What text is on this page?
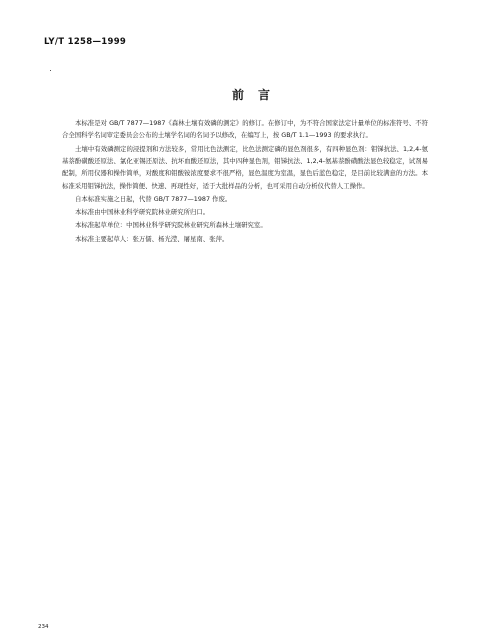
LY/T 1258—1999
前言

本标准是对 GB/T 7877—1987《森林土壤有效磷的测定》的修订。在修订中，为不符合国家法定计量单位的标准符号、不符合全国科学名词审定委员会公布的土壤学名词的名词予以修改，在编写上，按 GB/T 1.1—1993 的要求执行。

土壤中有效磷测定的浸提剂和方法较多，常用比色法测定，比色法测定磷的显色剂很多，有四种显色剂：钼锑抗法、1,2,4-氨基萘酚磺酸还原法、氯化亚锡还原法、抗坏血酸还原法，其中四种显色剂，钼锑抗法、1,2,4-氨基萘酚磺酸法显色较稳定，试剂易配制，所用仪器和操作简单，对酸度和钼酸铵浓度要求不很严格，显色温度为室温，显色后蓝色稳定，是目前比较满意的方法。本标准采用钼锑抗法，操作简便、快速、再现性好，适于大批样品的分析，也可采用自动分析仪代替人工操作。

自本标准实施之日起，代替 GB/T 7877—1987 作废。

本标准由中国林业科学研究院林业研究所归口。

本标准起草单位：中国林业科学研究院林业研究所森林土壤研究室。

本标准主要起草人：张万儒、杨光滢、屠星南、张萍。

234
